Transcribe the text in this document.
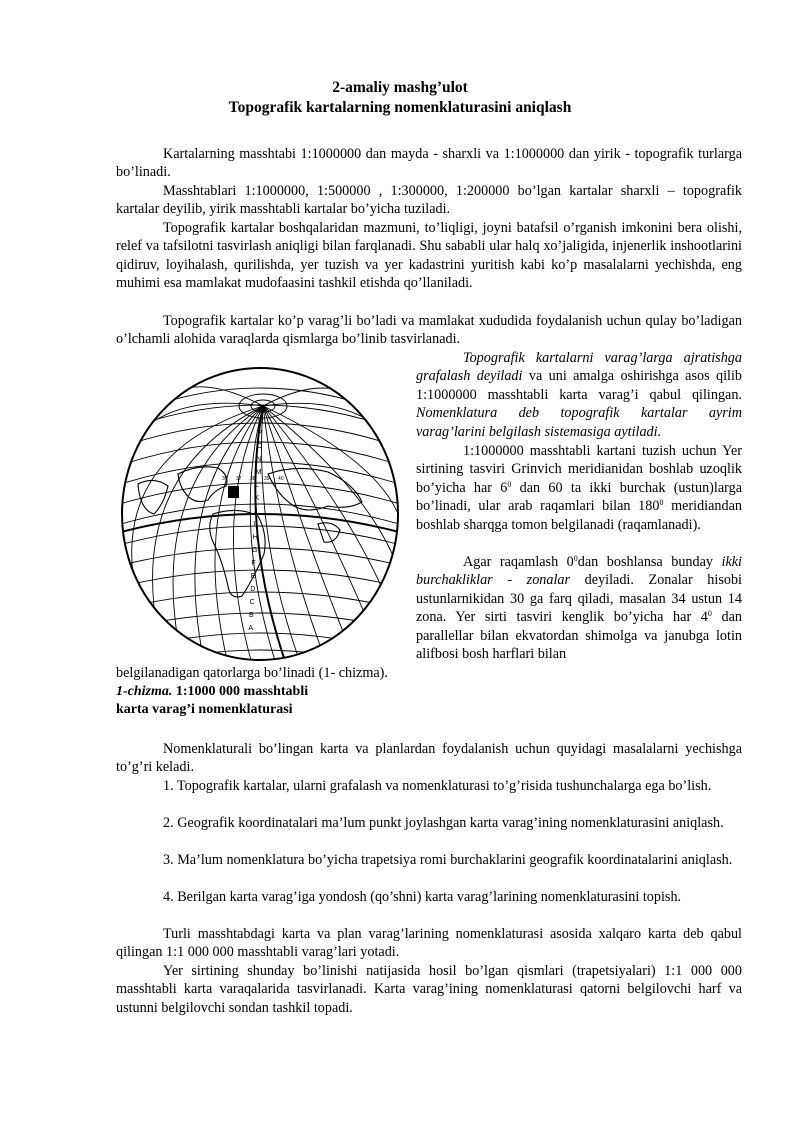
2-amaliy mashg’ulot
Topografik kartalarning nomenklaturasini aniqlash

Kartalarning masshtabi 1:1000000 dan mayda - sharxli va 1:1000000 dan yirik - topografik turlarga bo’linadi.

Masshtablari 1:1000000, 1:500000 , 1:300000, 1:200000 bo’lgan kartalar sharxli – topografik kartalar deyilib, yirik masshtabli kartalar bo’yicha tuziladi.

Topografik kartalar boshqalaridan mazmuni, to’liqligi, joyni batafsil o’rganish imkonini bera olishi, relef va tafsilotni tasvirlash aniqligi bilan farqlanadi. Shu sababli ular halq xo’jaligida, injenerlik inshootlarini qidiruv, loyihalash, qurilishda, yer tuzish va yer kadastrini yuritish kabi ko’p masalalarni yechishda, eng muhimi esa mamlakat mudofaasini tashkil etishda qo’llaniladi.

Topografik kartalar ko’p varag’li bo’ladi va mamlakat xududida foydalanish uchun qulay bo’ladigan o’lchamli alohida varaqlarda qismlarga bo’linib tasvirlanadi.

Topografik kartalarni varag’larga ajratishga grafalash deyiladi va uni amalga oshirishga asos qilib 1:1000000 masshtabli karta varag’i qabul qilingan. Nomenklatura deb topografik kartalar ayrim varag’larini belgilash sistemasiga aytiladi.

1:1000000 masshtabli kartani tuzish uchun Yer sirtining tasviri Grinvich meridianidan boshlab uzoqlik bo’yicha har $6^0$ dan 60 ta ikki burchak (ustun)larga bo’linadi, ular arab raqamlari bilan $180^0$ meridiandan boshlab sharqga tomon belgilanadi (raqamlanadi).

Agar raqamlash $0^0dan$ boshlansa bunday ikki burchakliklar - zonalar deyiladi. Zonalar hisobi ustunlarnikidan 30 ga farq qiladi, masalan 34 ustun 14 zona. Yer sirti tasviri kenglik bo’yicha har $4^0$ dan parallellar bilan ekvatordan shimolga va janubga lotin alifbosi bosh harflari bilan

belgilanadigan qatorlarga bo’linadi (1- chizma).

1-chizma. 1:1000 000 masshtabli
karta varag’i nomenklaturasi
Q
P
O
N
M
L
K
J
I
H
G
F
E
D
C
B
A
36 37 38 39 40

Nomenklaturali bo’lingan karta va planlardan foydalanish uchun quyidagi masalalarni yechishga to’g’ri keladi.

1. Topografik kartalar, ularni grafalash va nomenklaturasi to’g’risida tushunchalarga ega bo’lish.

2. Geografik koordinatalari ma’lum punkt joylashgan karta varag’ining nomenklaturasini aniqlash.

3. Ma’lum nomenklatura bo’yicha trapetsiya romi burchaklarini geografik koordinatalarini aniqlash.

4. Berilgan karta varag’iga yondosh (qo’shni) karta varag’larining nomenklaturasini topish.

Turli masshtabdagi karta va plan varag’larining nomenklaturasi asosida xalqaro karta deb qabul qilingan 1:1 000 000 masshtabli varag’lari yotadi.

Yer sirtining shunday bo’linishi natijasida hosil bo’lgan qismlari (trapetsiyalari) 1:1 000 000 masshtabli karta varaqalarida tasvirlanadi. Karta varag’ining nomenklaturasi qatorni belgilovchi harf va ustunni belgilovchi sondan tashkil topadi.
